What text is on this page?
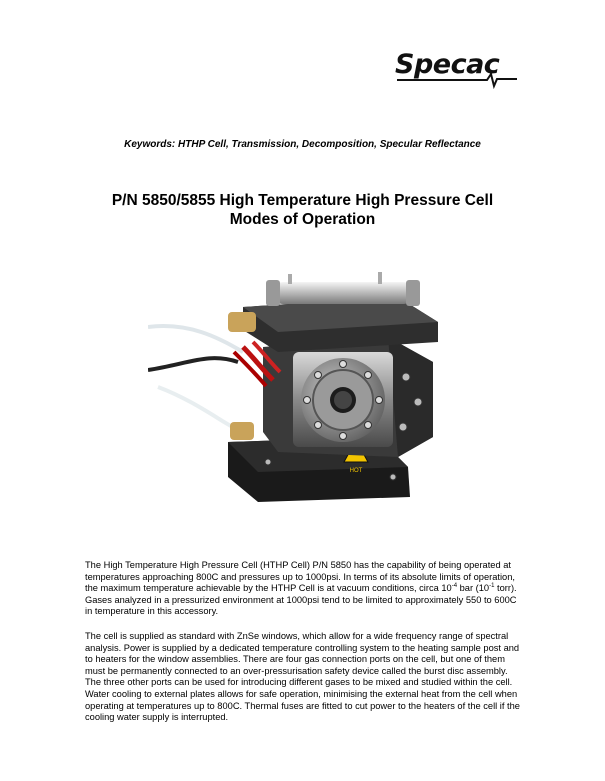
Specac
Keywords: HTHP Cell, Transmission, Decomposition, Specular Reflectance
P/N 5850/5855 High Temperature High Pressure Cell
Modes of Operation
HOT

The High Temperature High Pressure Cell (HTHP Cell) P/N 5850 has the capability of being operated at temperatures approaching 800C and pressures up to 1000psi. In terms of its absolute limits of operation, the maximum temperature achievable by the HTHP Cell is at vacuum conditions, circa $10^{-4}$ bar ($10^{-1}$ torr). Gases analyzed in a pressurized environment at 1000psi tend to be limited to approximately 550 to 600C in temperature in this accessory.

The cell is supplied as standard with ZnSe windows, which allow for a wide frequency range of spectral analysis. Power is supplied by a dedicated temperature controlling system to the heating sample post and to heaters for the window assemblies. There are four gas connection ports on the cell, but one of them must be permanently connected to an over-pressurisation safety device called the burst disc assembly. The three other ports can be used for introducing different gases to be mixed and studied within the cell. Water cooling to external plates allows for safe operation, minimising the external heat from the cell when operating at temperatures up to 800C. Thermal fuses are fitted to cut power to the heaters of the cell if the cooling water supply is interrupted.
